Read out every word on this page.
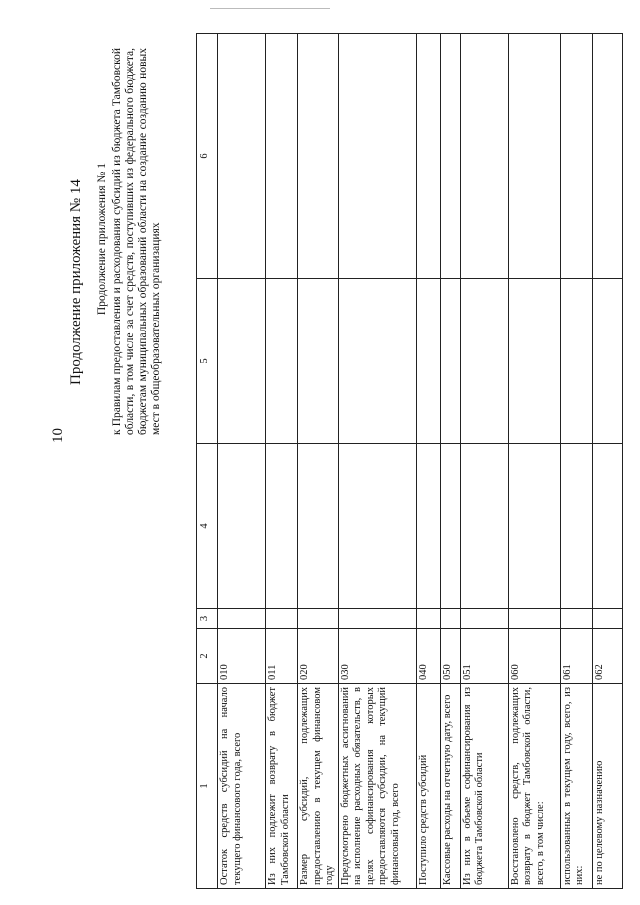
10
Продолжение приложения № 14 Продолжение приложения № 1 к Правилам предоставления и расходования субсидий из бюджета Тамбовской области, в том числе за счет средств, поступивших из федерального бюджета, бюджетам муниципальных образований области на создание созданию новых мест в общеобразовательных организациях
1	2	3	4	5	6
Остаток средств субсидий на начало текущего финансового года, всего	010				
Из них подлежит возврату в бюджет Тамбовской области	011				
Размер субсидий, подлежащих предоставлению в текущем финансовом году	020				
Предусмотрено бюджетных ассигнований на исполнение расходных обязательств, в целях софинансирования которых предоставляются субсидии, на текущий финансовый год, всего	030				
Поступило средств субсидий	040				
Кассовые расходы на отчетную дату, всего	050				
Из них в объеме софинансирования из бюджета Тамбовской области	051				
Восстановлено средств, подлежащих возврату в бюджет Тамбовской области, всего, в том числе:	060				
использованных в текущем году, всего, из них:	061				
не по целевому назначению	062				
